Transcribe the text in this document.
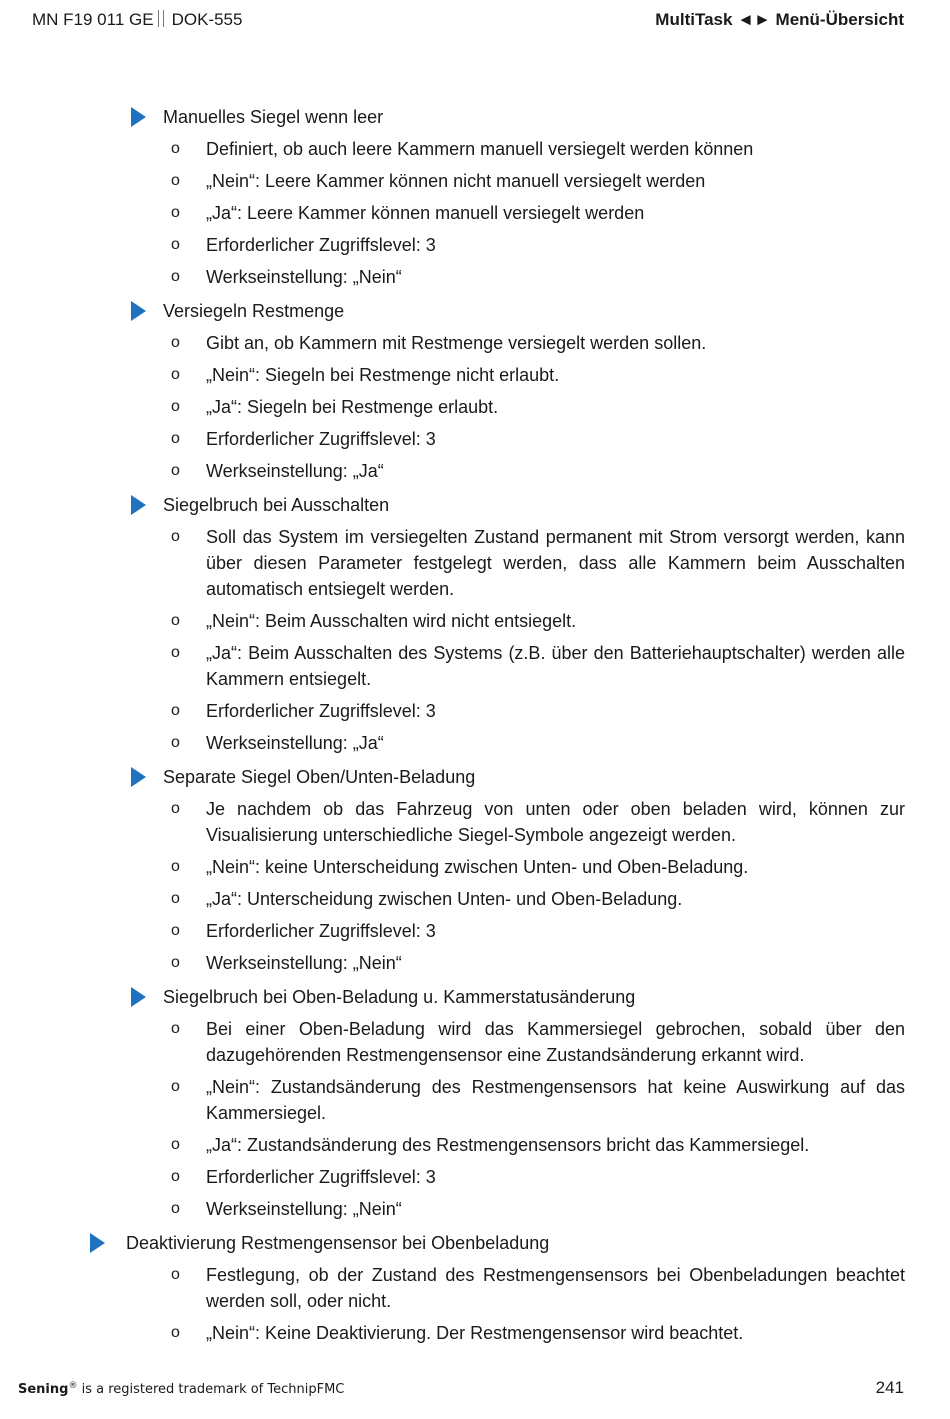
MN F19 011 GE DOK-555	MultiTask ◄► Menü-Übersicht
Manuelles Siegel wenn leer
o Definiert, ob auch leere Kammern manuell versiegelt werden können
o „Nein“: Leere Kammer können nicht manuell versiegelt werden
o „Ja“: Leere Kammer können manuell versiegelt werden
o Erforderlicher Zugriffslevel: 3
o Werkseinstellung: „Nein“
Versiegeln Restmenge
o Gibt an, ob Kammern mit Restmenge versiegelt werden sollen.
o „Nein“: Siegeln bei Restmenge nicht erlaubt.
o „Ja“: Siegeln bei Restmenge erlaubt.
o Erforderlicher Zugriffslevel: 3
o Werkseinstellung: „Ja“
Siegelbruch bei Ausschalten
o Soll das System im versiegelten Zustand permanent mit Strom versorgt werden, kann über diesen Parameter festgelegt werden, dass alle Kammern beim Ausschalten automatisch entsiegelt werden.
o „Nein“: Beim Ausschalten wird nicht entsiegelt.
o „Ja“: Beim Ausschalten des Systems (z.B. über den Batteriehauptschalter) werden alle Kammern entsiegelt.
o Erforderlicher Zugriffslevel: 3
o Werkseinstellung: „Ja“
Separate Siegel Oben/Unten-Beladung
o Je nachdem ob das Fahrzeug von unten oder oben beladen wird, können zur Visualisierung unterschiedliche Siegel-Symbole angezeigt werden.
o „Nein“: keine Unterscheidung zwischen Unten- und Oben-Beladung.
o „Ja“: Unterscheidung zwischen Unten- und Oben-Beladung.
o Erforderlicher Zugriffslevel: 3
o Werkseinstellung: „Nein“
Siegelbruch bei Oben-Beladung u. Kammerstatusänderung
o Bei einer Oben-Beladung wird das Kammersiegel gebrochen, sobald über den dazugehörenden Restmengensensor eine Zustandsänderung erkannt wird.
o „Nein“: Zustandsänderung des Restmengensensors hat keine Auswirkung auf das Kammersiegel.
o „Ja“: Zustandsänderung des Restmengensensors bricht das Kammersiegel.
o Erforderlicher Zugriffslevel: 3
o Werkseinstellung: „Nein“
Deaktivierung Restmengensensor bei Obenbeladung
o Festlegung, ob der Zustand des Restmengensensors bei Obenbeladungen beachtet werden soll, oder nicht.
o „Nein“: Keine Deaktivierung. Der Restmengensensor wird beachtet.
Sening® is a registered trademark of TechnipFMC	241
